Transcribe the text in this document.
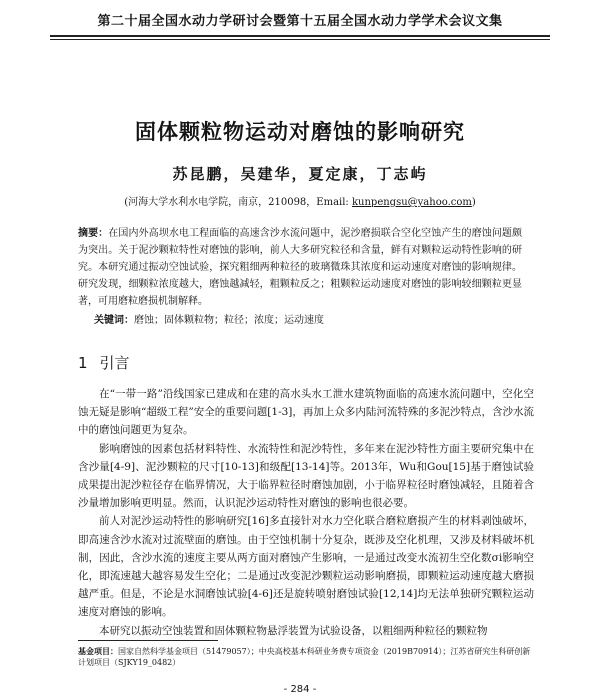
第二十届全国水动力学研讨会暨第十五届全国水动力学学术会议文集
固体颗粒物运动对磨蚀的影响研究
苏昆鹏，吴建华，夏定康，丁志屿
(河海大学水利水电学院，南京，210098，Email: kunpengsu@yahoo.com)
摘要：在国内外高坝水电工程面临的高速含沙水流问题中，泥沙磨损联合空化空蚀产生的磨蚀问题颇为突出。关于泥沙颗粒特性对磨蚀的影响，前人大多研究粒径和含量，鲜有对颗粒运动特性影响的研究。本研究通过振动空蚀试验，探究粗细两种粒径的玻璃微珠其浓度和运动速度对磨蚀的影响规律。研究发现，细颗粒浓度越大，磨蚀越减轻，粗颗粒反之；粗颗粒运动速度对磨蚀的影响较细颗粒更显著，可用磨粒磨损机制解释。
关键词：磨蚀；固体颗粒物；粒径；浓度；运动速度
1 引言

在“一带一路”沿线国家已建成和在建的高水头水工泄水建筑物面临的高速水流问题中，空化空蚀无疑是影响“超级工程”安全的重要问题[1-3]，再加上众多内陆河流特殊的多泥沙特点，含沙水流中的磨蚀问题更为复杂。

影响磨蚀的因素包括材料特性、水流特性和泥沙特性，多年来在泥沙特性方面主要研究集中在含沙量[4-9]、泥沙颗粒的尺寸[10-13]和级配[13-14]等。2013年，Wu和Gou[15]基于磨蚀试验成果提出泥沙粒径存在临界情况，大于临界粒径时磨蚀加剧，小于临界粒径时磨蚀减轻，且随着含沙量增加影响更明显。然而，认识泥沙运动特性对磨蚀的影响也很必要。

前人对泥沙运动特性的影响研究[16]多直接针对水力空化联合磨粒磨损产生的材料剥蚀破坏，即高速含沙水流对过流壁面的磨蚀。由于空蚀机制十分复杂，既涉及空化机理，又涉及材料破坏机制，因此，含沙水流的速度主要从两方面对磨蚀产生影响，一是通过改变水流初生空化数σi影响空化，即流速越大越容易发生空化；二是通过改变泥沙颗粒运动影响磨损，即颗粒运动速度越大磨损越严重。但是，不论是水洞磨蚀试验[4-6]还是旋转喷射磨蚀试验[12,14]均无法单独研究颗粒运动速度对磨蚀的影响。

本研究以振动空蚀装置和固体颗粒物悬浮装置为试验设备，以粗细两种粒径的颗粒物

基金项目：国家自然科学基金项目（51479057）；中央高校基本科研业务费专项资金（2019B70914）；江苏省研究生科研创新计划项目（SJKY19_0482）
- 284 -
